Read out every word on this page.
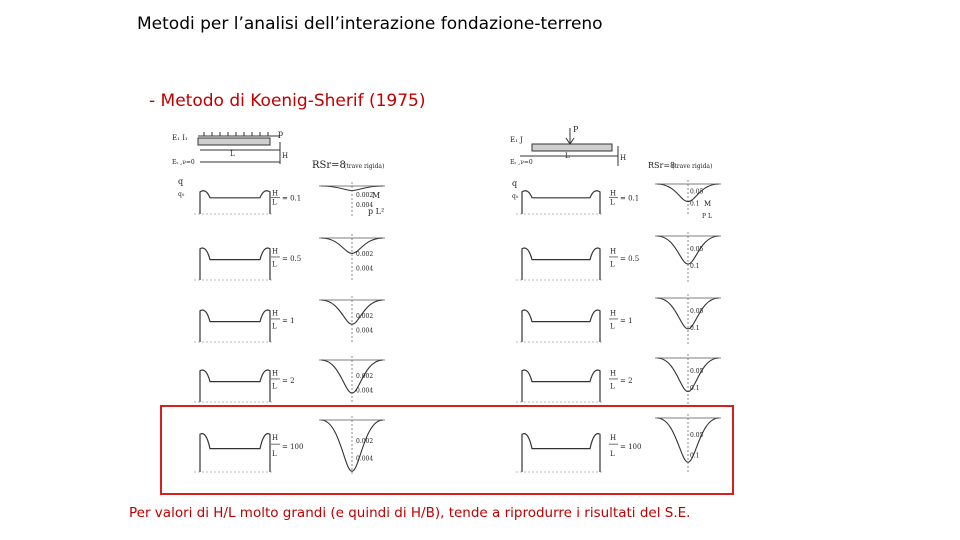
Metodi per l’analisi dell’interazione fondazione-terreno
- Metodo di Koenig-Sherif (1975)
E₁ I₁	p
L	H
Eₛ ,ν=0	RSr=8
(trave rigida)
E₁ J
P
L	H
Eₛ ,ν=0	RSr=8
(trave rigida)
q
q₀
q
q₀
M
p L²
M
P L
H
L
= 0.1	0.002
0.004
H
L
= 0.1
0.05
0.1
H
L
= 0.5
0.002
0.004
H
L
= 0.5
0.05
0.1
H
L
= 1
0.002
0.004
H
L
= 1
0.05
0.1
H
L
= 2
0.002
0.004
H
L
= 2
0.05
0.1
H
L
= 100
0.002
0.004
H
L
= 100
0.05
0.1
Per valori di H/L molto grandi (e quindi di H/B), tende a riprodurre i risultati del S.E.
